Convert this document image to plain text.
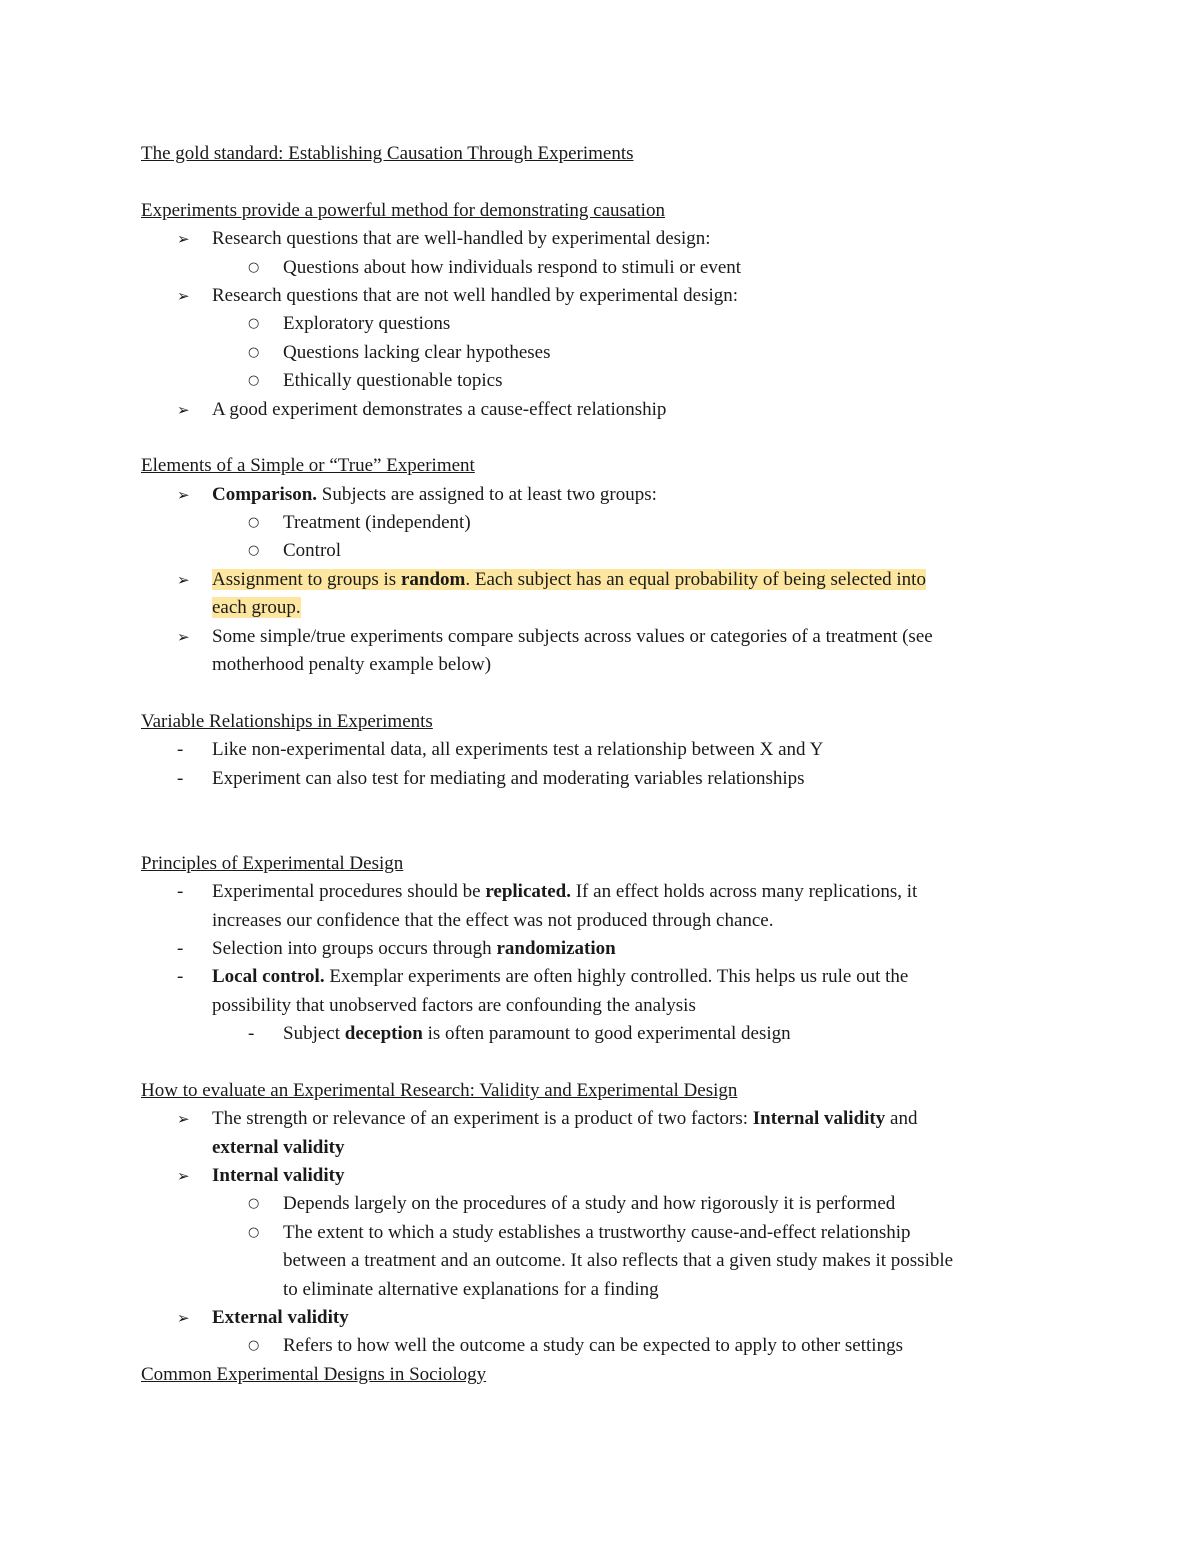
The gold standard: Establishing Causation Through Experiments
Experiments provide a powerful method for demonstrating causation
➢ Research questions that are well-handled by experimental design:
○ Questions about how individuals respond to stimuli or event
➢ Research questions that are not well handled by experimental design:
○ Exploratory questions
○ Questions lacking clear hypotheses
○ Ethically questionable topics
➢ A good experiment demonstrates a cause-effect relationship
Elements of a Simple or “True” Experiment
➢ Comparison. Subjects are assigned to at least two groups:
○ Treatment (independent)
○ Control
➢ Assignment to groups is random. Each subject has an equal probability of being selected into
each group.
➢ Some simple/true experiments compare subjects across values or categories of a treatment (see
motherhood penalty example below)
Variable Relationships in Experiments
- Like non-experimental data, all experiments test a relationship between X and Y
- Experiment can also test for mediating and moderating variables relationships
Principles of Experimental Design
- Experimental procedures should be replicated. If an effect holds across many replications, it
increases our confidence that the effect was not produced through chance.
- Selection into groups occurs through randomization
- Local control. Exemplar experiments are often highly controlled. This helps us rule out the
possibility that unobserved factors are confounding the analysis
- Subject deception is often paramount to good experimental design
How to evaluate an Experimental Research: Validity and Experimental Design
➢ The strength or relevance of an experiment is a product of two factors: Internal validity and
external validity
➢ Internal validity
○ Depends largely on the procedures of a study and how rigorously it is performed
○ The extent to which a study establishes a trustworthy cause-and-effect relationship
between a treatment and an outcome. It also reflects that a given study makes it possible
to eliminate alternative explanations for a finding
➢ External validity
○ Refers to how well the outcome a study can be expected to apply to other settings
Common Experimental Designs in Sociology
